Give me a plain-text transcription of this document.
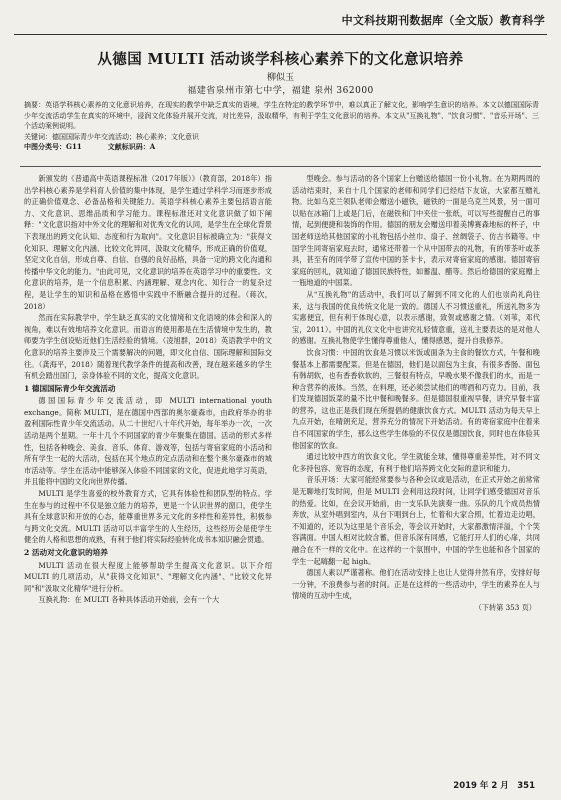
中文科技期刊数据库（全文版）教育科学
从德国 MULTI 活动谈学科核心素养下的文化意识培养
柳似玉
福建省泉州市第七中学，福建 泉州 362000

摘要：英语学科核心素养的文化意识培养，在现实的教学中缺乏真实的语境，学生在特定的教学环节中，难以真正了解文化，影响学生意识的培养。本文以德国国际青少年交流活动学生在真实的环境中，浸润文化体验并展开交流，对比差异，汲取精华，有利于学生文化意识的培养。本文从"互换礼物"、"饮食习惯"、"音乐开场"、三个活动案例说明。

关键词：德国国际青少年交流活动；核心素养；文化意识

中图分类号：G11	文献标识码：A

新颁发的《普通高中英语课程标准（2017年版）》（教育部，2018年）指出学科核心素养是学科育人价值的集中体现，是学生通过学科学习而逐步形成的正确价值观念、必备品格和关键能力。英语学科核心素养主要包括语言能力、文化意识、思维品质和学习能力。课程标准还对文化意识做了如下阐释："文化意识指对中外文化的理解和对优秀文化的认同，是学生在全球化背景下表现出的跨文化认知、态度和行为取向"。文化意识目标被确立为："获得文化知识、理解文化内涵、比较文化异同，汲取文化精华，形成正确的价值观，坚定文化自信，形成自尊、自信、自强的良好品格，具备一定的跨文化沟通和传播中华文化的能力。"由此可见，文化意识的培养在英语学习中的重要性。文化意识的培养，是一个信息积累、内涵理解、观念内化、知行合一的复杂过程，是让学生的知识和品格在感悟中实践中不断融合提升的过程。（蒋次，2018）

然而在实际教学中，学生缺乏真实的文化情境和文化语境的体会和深入的视角，难以有效地培养文化意识。而语言的使用都是在生活情境中发生的，教师要为学生创设贴近他们生活经验的情境。（凌旭群，2018）英语教学中的文化意识的培养主要涉及三个需要解决的问题，即文化自信、国际理解和国际交往。（龚海平，2018）随着现代教学条件的提高和改善，现在越来越多的学生有机会踏出国门，亲身体验不同的文化，提高文化意识。

1 德国国际青少年交流活动

德国国际青少年交流活动，即 MULTI international youth exchange。简称 MULTI，是在德国中西部的奥尔豪森市，由政府举办的非盈利国际性青少年交流活动。从二十世纪八十年代开始，每年举办一次，一次活动是两个星期。一年十几个不同国家的青少年聚集在德国。活动的形式多样性，包括各种晚会、美食、音乐、体育、游戏等，包括与寄宿家庭的小活动和所有学生一起的大活动，包括在其个地点的定点活动和在整个奥尔豪森市的城市活动等。学生在活动中能够深入体验不同国家的文化，促进此地学习英语，并且能将中国的文化向世界传播。

MULTI 是学生喜爱的校外教育方式，它具有体验性和团队型的特点。学生在参与的过程中不仅是独立能力的培养，更是一个认识世界的窗口，使学生具有全球意识和开放的心态，能尊重世界多元文化的多样性和差异性，积极参与跨文化交流。MULTI 活动可以丰富学生的人生经历，这些经历会是使学生健全的人格和思想的成熟，有利于他们将实际经验转化成书本知识融会贯通。

2 活动对文化意识的培养

MULTI 活动在很大程度上能够帮助学生提高文化意识。以下介绍 MULTI 的几项活动，从"获得文化知识"、"理解文化内涵"、"比较文化异同"和"汲取文化精华"进行分析。

互换礼物：在 MULTI 各种具体活动开始前，会有一个大

型晚会。参与活动的各个国家上台赠送给德国一份小礼物。在为期两周的活动结束时，来自十几个国家的老师和同学们已经结下友谊，大家都互赠礼物。比如乌克兰领队老师会赠送小磁铁，磁铁的一面是乌克兰风景，另一面可以贴在冰箱门上或是门后，在磁铁和门中夹住一张纸，可以写些提醒自己的事情，起到便捷和装饰的作用。德国的朋友会赠送印着美博赛森地标的杯子，中国老师送给其他国家的小礼物包括小丝巾、扇子、丝绸袋子、仿古书籍等。中国学生同寄宿家庭去时，通常还带着一个从中国带去的礼物，有的带茶叶或茶具，甚至有的同学带了宣传中国的茶卡卡，表示对寄宿家庭的感谢。德国寄宿家庭的回礼，就知道了德国民族特性，如蓄温、醋等。然后给德国的家庭赠上一瓶地道的中国菜。

从"互换礼物"的活动中，我们可以了解到不同文化的人们也崇尚礼尚往来，这与我国的优良传统文化是一致的。德国人不习惯送重礼，所送礼物多为实惠便宜，但有利于体现心意，以表示感谢，致贺或感谢之情。（刘苇，邓代宝，2011）。中国的礼仪文化中也讲究礼轻情意重，送礼主要表达的是对他人的感谢。互换礼物使学生懂得尊重他人，懂得感恩，提升自我修养。

饮食习惯：中国的饮食是习惯以米饭或面条为主食的餐饮方式，午餐和晚餐基本上都需要配菜。但是在德国，他们是以面包为主食，有很多香肠、面包有韩胡软，也有香香软软的，三餐很有特点，早晚水果不像我们的水，而是一种含营养的液体。当然，在料理，还必须尝试他们的啤酒和巧克力。目前，我们发现德国饭菜的量不比中餐和晚餐多。但是德国很重视早餐，讲究早餐丰富的营养，这也正是我们现在所提倡的健康饮食方式。MULTI 活动为每天早上九点开始，在晴朗充足，营养充分的情况下开始活动。有的寄宿家庭中住着来自不同国家的学生，那么这些学生体验的不仅仅是德国饮食，同时也在体验其他国家的饮食。

通过比较中西方的饮食文化，学生就能全球，懂得尊重差异性，对不同文化多持包容、宽容的态度，有利于他们培养跨文化交际的意识和能力。

音乐开场：大家可能经常要参与各种会议或是活动，在正式开始之前常常是无聊地打发时间，但是 MULTI 会利用这段时间，让同学们感受德国对音乐的热爱。比如，在会议开始前，由一支乐队先演奏一曲。乐队的几个成员热情奔放，从室外唱到室内，从台下唱到台上，忙着和大家合照，忙着边走边唱，不知道的，还以为这里是个音乐会，等会议开始时，大家都激情洋溢，个个笑容满面。中国人相对比较含蓄，但音乐深有同感，它能打开人们的心扉，共同融合在不一样的文化中。在这样的一个氛围中，中国的学生也能和各个国家的学生一起嗨翻一起 high。

德国人素以严谨著称。他们在活动安排上也让人觉得井然有序，安排好每一分钟，不浪费参与者的时间。正是在这样的一些活动中，学生的素养在人与情境的互动中生成，

（下转第 353 页）
2019 年 2 月　351
